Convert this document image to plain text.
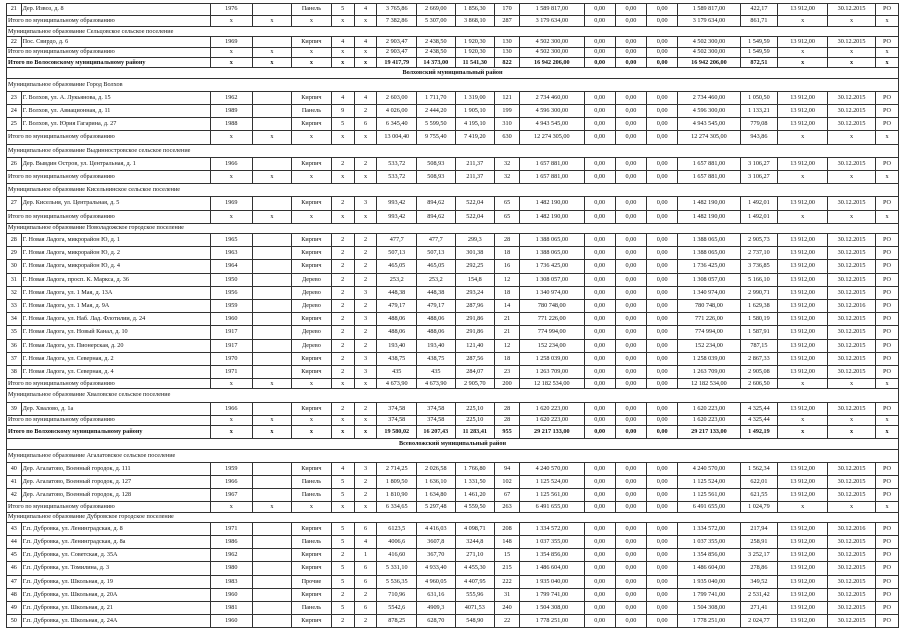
21	Дер. Извоз, д. 8	1976		Панель	5	4	3 765,86	2 669,00	1 856,30	170	1 589 817,00	0,00	0,00	0,00	1 589 817,00	422,17	13 912,00	30.12.2015	РО
Итого по муниципальному образованию		x	x	x	x	x	7 382,86	5 307,00	3 868,10	287	3 179 634,00	0,00	0,00	0,00	3 179 634,00	861,71	x	x	x
Муниципальное образование Сельцовское сельское поселение																			
22	Пос. Свирдо, д. 6	1969		Кирпич	4	4	2 903,47	2 438,50	1 920,30	130	4 502 300,00	0,00	0,00	0,00	4 502 300,00	1 549,59	13 912,00	30.12.2015	РО
Итого по муниципальному образованию		x	x	x	x	x	2 903,47	2 438,50	1 920,30	130	4 502 300,00	0,00	0,00	0,00	4 502 300,00	1 549,59	x	x	x
Итого по Волосовскому муниципальному району		x	x	x	x	x	19 417,79	14 373,00	11 541,30	822	16 942 206,00	0,00	0,00	0,00	16 942 206,00	872,51	x	x	x
Волховский муниципальный район																			
Муниципальное образование Город Волхов																			
23	Г. Волхов, ул. А. Лукьянова, д. 15	1962		Кирпич	4	4	2 603,00	1 711,70	1 319,00	121	2 734 460,00	0,00	0,00	0,00	2 734 460,00	1 050,50	13 912,00	30.12.2015	РО
24	Г. Волхов, ул. Авиационная, д. 11	1989		Панель	9	2	4 026,00	2 444,20	1 905,10	199	4 596 300,00	0,00	0,00	0,00	4 596 300,00	1 133,21	13 912,00	30.12.2015	РО
25	Г. Волхов, ул. Юрия Гагарина, д. 27	1988		Кирпич	5	6	6 345,40	5 599,50	4 195,10	310	4 943 545,00	0,00	0,00	0,00	4 943 545,00	779,08	13 912,00	30.12.2015	РО
Итого по муниципальному образованию		x	x	x	x	x	13 004,40	9 755,40	7 419,20	630	12 274 305,00	0,00	0,00	0,00	12 274 305,00	943,86	x	x	x
Муниципальное образование Выдинностровское сельское поселение																			
26	Дер. Вывдин Остров, ул. Центральная, д. 1	1966		Кирпич	2	2	533,72	508,93	211,37	32	1 657 881,00	0,00	0,00	0,00	1 657 881,00	3 106,27	13 912,00	30.12.2015	РО
Итого по муниципальному образованию		x	x	x	x	x	533,72	508,93	211,37	32	1 657 881,00	0,00	0,00	0,00	1 657 881,00	3 106,27	x	x	x
Муниципальное образование Кисельнинское сельское поселение																			
27	Дер. Кисельня, ул. Центральная, д. 5	1969		Кирпич	2	3	993,42	894,62	522,04	65	1 482 190,00	0,00	0,00	0,00	1 482 190,00	1 492,01	13 912,00	30.12.2015	РО
Итого по муниципальному образованию		x	x	x	x	x	993,42	894,62	522,04	65	1 482 190,00	0,00	0,00	0,00	1 482 190,00	1 492,01	x	x	x
Муниципальное образование Новоладожское городское поселение																			
28	Г. Новая Ладога, микрорайон Ю, д. 1	1965		Кирпич	2	2	477,7	477,7	299,3	28	1 388 065,00	0,00	0,00	0,00	1 388 065,00	2 905,73	13 912,00	30.12.2015	РО
29	Г. Новая Ладога, микрорайон Ю, д. 2	1963		Кирпич	2	2	507,13	507,13	301,38	18	1 388 065,00	0,00	0,00	0,00	1 388 065,00	2 737,10	13 912,00	30.12.2015	РО
30	Г. Новая Ладога, микрорайон Ю, д. 4	1964		Кирпич	2	2	465,05	465,05	292,25	16	1 736 425,00	0,00	0,00	0,00	1 736 425,00	3 736,85	13 912,00	30.12.2015	РО
31	Г. Новая Ладога, просп. К. Маркса, д. 36	1950		Дерево	2	2	253,2	253,2	154,8	12	1 308 057,00	0,00	0,00	0,00	1 308 057,00	5 166,10	13 912,00	30.12.2015	РО
32	Г. Новая Ладога, ул. 1 Мая, д. 13А	1956		Дерево	2	3	448,38	448,38	293,24	18	1 340 974,00	0,00	0,00	0,00	1 340 974,00	2 990,71	13 912,00	30.12.2015	РО
33	Г. Новая Ладога, ул. 1 Мая, д. 9А	1959		Дерево	2	2	479,17	479,17	287,96	14	780 748,00	0,00	0,00	0,00	780 748,00	1 629,38	13 912,00	30.12.2016	РО
34	Г. Новая Ладога, ул. Наб. Лад. Флотилии, д. 24	1960		Кирпич	2	3	488,06	488,06	291,86	21	771 226,00	0,00	0,00	0,00	771 226,00	1 580,19	13 912,00	30.12.2015	РО
35	Г. Новая Ладога, ул. Новый Канал, д. 10	1917		Дерево	2	2	488,06	488,06	291,86	21	774 994,00	0,00	0,00	0,00	774 994,00	1 587,91	13 912,00	30.12.2015	РО
36	Г. Новая Ладога, ул. Пионерская, д. 20	1917		Дерево	2	2	193,40	193,40	121,40	12	152 234,00	0,00	0,00	0,00	152 234,00	787,15	13 912,00	30.12.2015	РО
37	Г. Новая Ладога, ул. Северная, д. 2	1970		Кирпич	2	3	438,75	438,75	287,56	18	1 258 039,00	0,00	0,00	0,00	1 258 039,00	2 867,33	13 912,00	30.12.2015	РО
38	Г. Новая Ладога, ул. Северная, д. 4	1971		Кирпич	2	3	435	435	284,07	23	1 263 709,00	0,00	0,00	0,00	1 263 709,00	2 905,08	13 912,00	30.12.2015	РО
Итого по муниципальному образованию		x	x	x	x	x	4 673,90	4 673,90	2 905,70	200	12 182 534,00	0,00	0,00	0,00	12 182 534,00	2 606,50	x	x	x
Муниципальное образование Хваловское сельское поселение																			
39	Дер. Хвалово, д. 1а	1966		Кирпич	2	2	374,58	374,58	225,10	28	1 620 223,00	0,00	0,00	0,00	1 620 223,00	4 325,44	13 912,00	30.12.2015	РО
Итого по муниципальному образованию		x	x	x	x	x	374,58	374,58	225,10	28	1 620 223,00	0,00	0,00	0,00	1 620 223,00	4 325,44	x	x	x
Итого по Волховскому муниципальному району		x	x	x	x	x	19 580,02	16 207,43	11 283,41	955	29 217 133,00	0,00	0,00	0,00	29 217 133,00	1 492,19	x	x	x
Всеволожский муниципальный район																			
Муниципальное образование Агалатовское сельское поселение																			
40	Дер. Агалатово, Военный городок, д. 111	1959		Кирпич	4	3	2 714,25	2 026,58	1 766,80	94	4 240 570,00	0,00	0,00	0,00	4 240 570,00	1 562,34	13 912,00	30.12.2015	РО
41	Дер. Агалатово, Военный городок, д. 127	1966		Панель	5	2	1 809,50	1 636,10	1 331,50	102	1 125 524,00	0,00	0,00	0,00	1 125 524,00	622,01	13 912,00	30.12.2015	РО
42	Дер. Агалатово, Военный городок, д. 128	1967		Панель	5	2	1 810,90	1 634,80	1 461,20	67	1 125 561,00	0,00	0,00	0,00	1 125 561,00	621,55	13 912,00	30.12.2015	РО
Итого по муниципальному образованию		x	x	x	x	x	6 334,65	5 297,48	4 559,50	263	6 491 655,00	0,00	0,00	0,00	6 491 655,00	1 024,79	x	x	x
Муниципальное образование Дубровское городское поселение																			
43	Г.п. Дубровка, ул. Ленинградская, д. 8	1971		Кирпич	5	6	6123,5	4 416,03	4 098,71	208	1 334 572,00	0,00	0,00	0,00	1 334 572,00	217,94	13 912,00	30.12.2016	РО
44	Г.п. Дубровка, ул. Ленинградская, д. 8а	1986		Панель	5	4	4006,6	3607,8	3244,8	148	1 037 355,00	0,00	0,00	0,00	1 037 355,00	258,91	13 912,00	30.12.2015	РО
45	Г.п. Дубровка, ул. Советская, д. 35А	1962		Кирпич	2	1	416,60	367,70	271,10	15	1 354 856,00	0,00	0,00	0,00	1 354 856,00	3 252,17	13 912,00	30.12.2015	РО
46	Г.п. Дубровка, ул. Томилина, д. 3	1980		Кирпич	5	6	5 331,10	4 933,40	4 455,30	215	1 486 604,00	0,00	0,00	0,00	1 486 604,00	278,86	13 912,00	30.12.2015	РО
47	Г.п. Дубровка, ул. Школьная, д. 19	1983		Прочие	5	6	5 536,35	4 960,05	4 407,95	222	1 935 040,00	0,00	0,00	0,00	1 935 040,00	349,52	13 912,00	30.12.2015	РО
48	Г.п. Дубровка, ул. Школьная, д. 20А	1960		Кирпич	2	2	710,96	631,16	555,96	31	1 799 741,00	0,00	0,00	0,00	1 799 741,00	2 531,42	13 912,00	30.12.2015	РО
49	Г.п. Дубровка, ул. Школьная, д. 21	1981		Панель	5	6	5542,6	4909,3	4071,53	240	1 504 308,00	0,00	0,00	0,00	1 504 308,00	271,41	13 912,00	30.12.2015	РО
50	Г.п. Дубровка, ул. Школьная, д. 24А	1960		Кирпич	2	2	878,25	628,70	548,90	22	1 778 251,00	0,00	0,00	0,00	1 778 251,00	2 024,77	13 912,00	30.12.2015	РО
